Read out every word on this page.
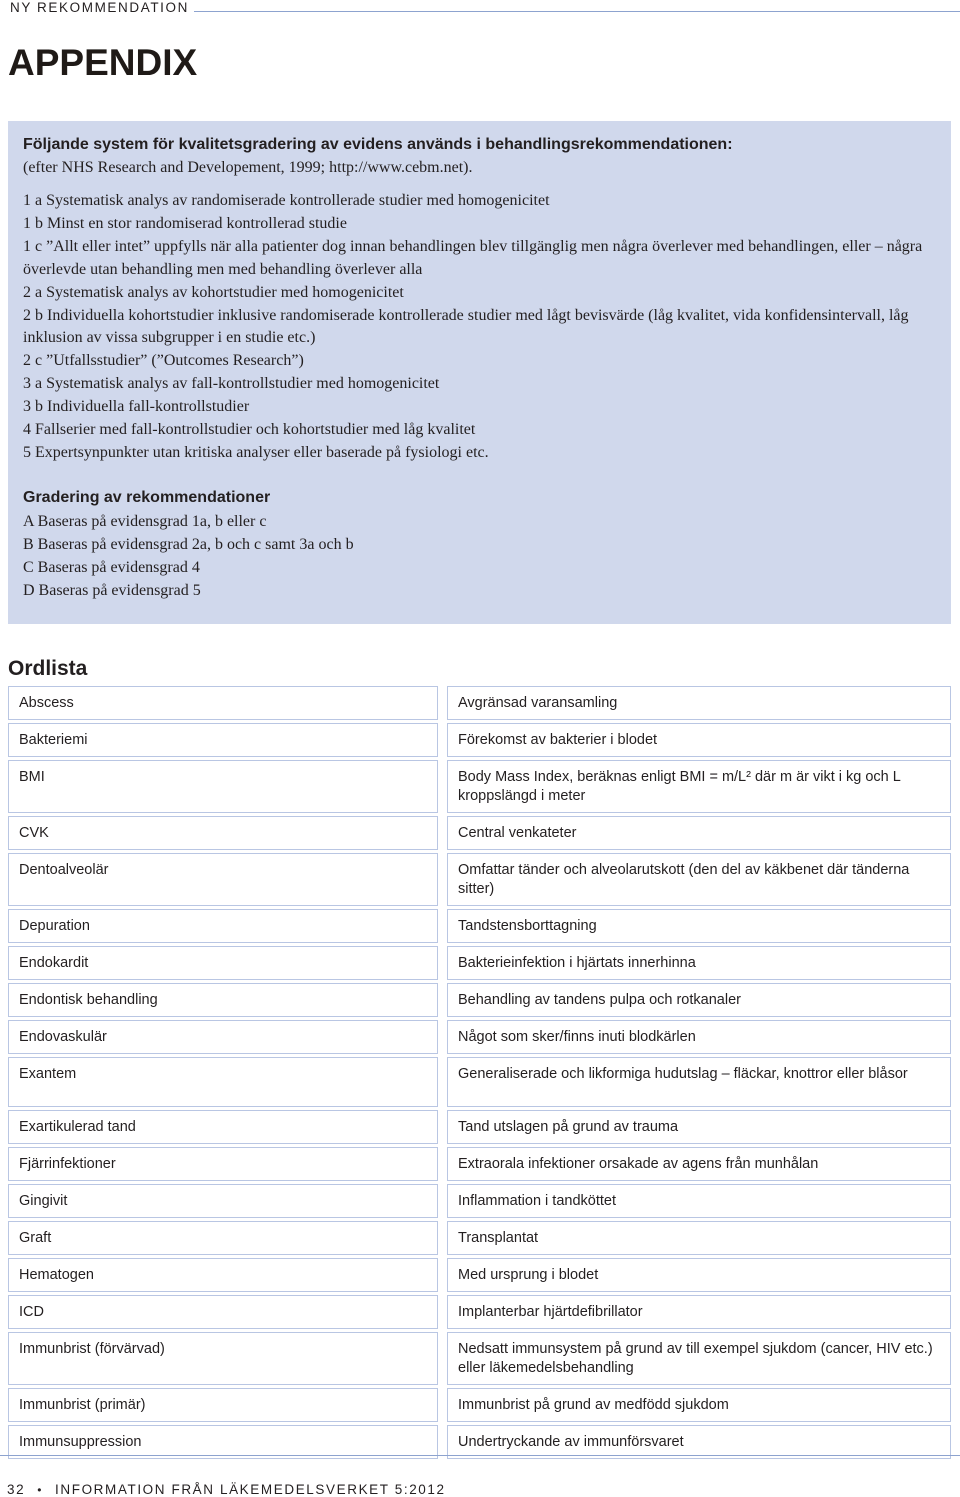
NY REKOMMENDATION
APPENDIX
Följande system för kvalitetsgradering av evidens används i behandlingsrekommendationen:
(efter NHS Research and Developement, 1999; http://www.cebm.net).
1 a Systematisk analys av randomiserade kontrollerade studier med homogenicitet
1 b Minst en stor randomiserad kontrollerad studie
1 c ”Allt eller intet” uppfylls när alla patienter dog innan behandlingen blev tillgänglig men några överlever med behandlingen, eller – några överlevde utan behandling men med behandling överlever alla
2 a Systematisk analys av kohortstudier med homogenicitet
2 b Individuella kohortstudier inklusive randomiserade kontrollerade studier med lågt bevisvärde (låg kvalitet, vida konfidensintervall, låg inklusion av vissa subgrupper i en studie etc.)
2 c ”Utfallsstudier” (”Outcomes Research”)
3 a Systematisk analys av fall-kontrollstudier med homogenicitet
3 b Individuella fall-kontrollstudier
4 Fallserier med fall-kontrollstudier och kohortstudier med låg kvalitet
5 Expertsynpunkter utan kritiska analyser eller baserade på fysiologi etc.
Gradering av rekommendationer
A Baseras på evidensgrad 1a, b eller c
B Baseras på evidensgrad 2a, b och c samt 3a och b
C Baseras på evidensgrad 4
D Baseras på evidensgrad 5
Ordlista
Abscess	Avgränsad varansamling
Bakteriemi	Förekomst av bakterier i blodet
BMI	Body Mass Index, beräknas enligt BMI = m/L² där m är vikt i kg och L kroppslängd i meter
CVK	Central venkateter
Dentoalveolär	Omfattar tänder och alveolarutskott (den del av käkbenet där tänderna sitter)
Depuration	Tandstensborttagning
Endokardit	Bakterieinfektion i hjärtats innerhinna
Endontisk behandling	Behandling av tandens pulpa och rotkanaler
Endovaskulär	Något som sker/finns inuti blodkärlen
Exantem	Generaliserade och likformiga hudutslag – fläckar, knottror eller blåsor
Exartikulerad tand	Tand utslagen på grund av trauma
Fjärrinfektioner	Extraorala infektioner orsakade av agens från munhålan
Gingivit	Inflammation i tandköttet
Graft	Transplantat
Hematogen	Med ursprung i blodet
ICD	Implanterbar hjärtdefibrillator
Immunbrist (förvärvad)	Nedsatt immunsystem på grund av till exempel sjukdom (cancer, HIV etc.) eller läkemedelsbehandling
Immunbrist (primär)	Immunbrist på grund av medfödd sjukdom
Immunsuppression	Undertryckande av immunförsvaret
32 • INFORMATION FRÅN LÄKEMEDELSVERKET 5:2012
